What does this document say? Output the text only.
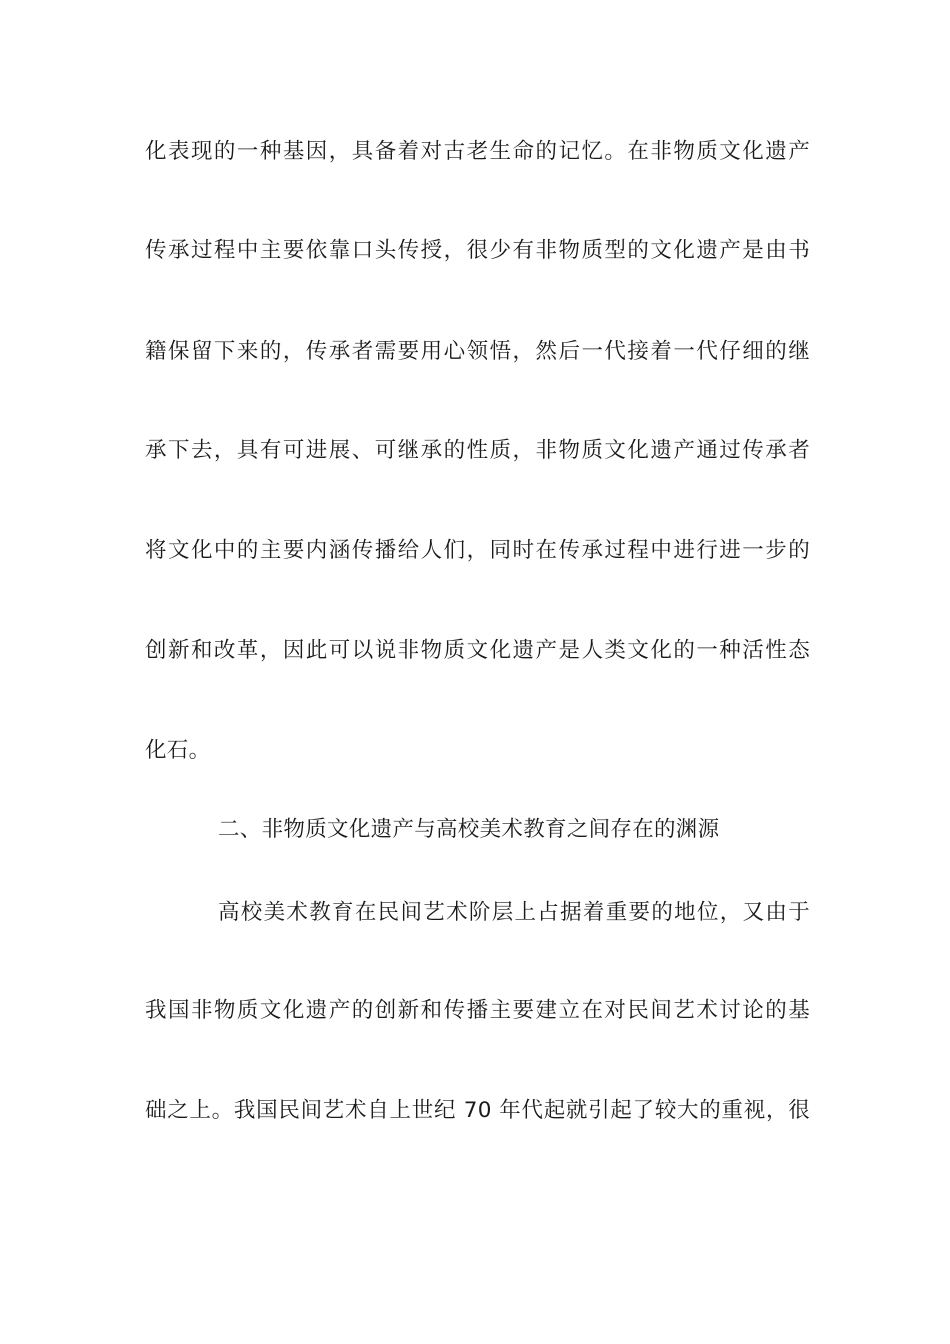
化表现的一种基因，具备着对古老生命的记忆。在非物质文化遗产
传承过程中主要依靠口头传授，很少有非物质型的文化遗产是由书
籍保留下来的，传承者需要用心领悟，然后一代接着一代仔细的继
承下去，具有可进展、可继承的性质，非物质文化遗产通过传承者
将文化中的主要内涵传播给人们，同时在传承过程中进行进一步的
创新和改革，因此可以说非物质文化遗产是人类文化的一种活性态
化石。
二、非物质文化遗产与高校美术教育之间存在的渊源
高校美术教育在民间艺术阶层上占据着重要的地位，又由于
我国非物质文化遗产的创新和传播主要建立在对民间艺术讨论的基
础之上。我国民间艺术自上世纪 70 年代起就引起了较大的重视，很
